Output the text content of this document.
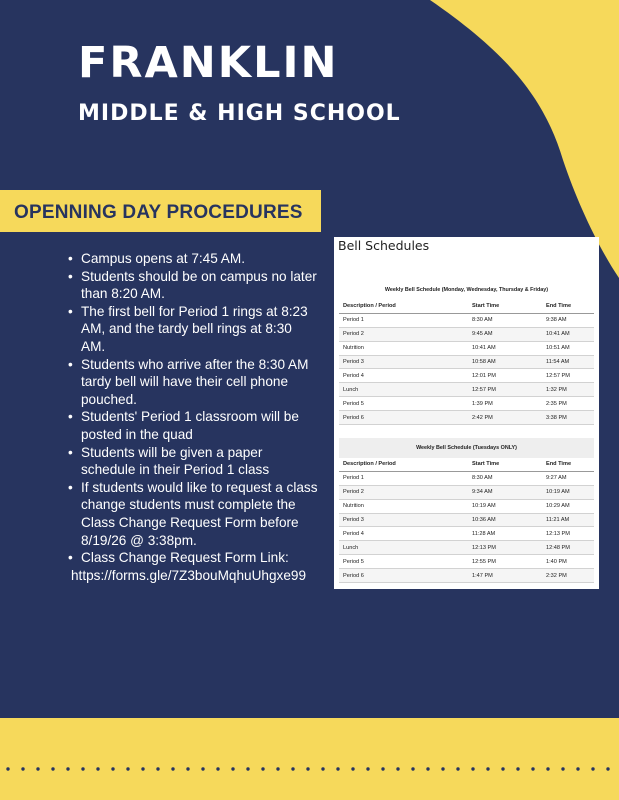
FRANKLIN
MIDDLE & HIGH SCHOOL
OPENNING DAY PROCEDURES
• Campus opens at 7:45 AM.
• Students should be on campus no later than 8:20 AM.
• The first bell for Period 1 rings at 8:23 AM, and the tardy bell rings at 8:30 AM.
• Students who arrive after the 8:30 AM tardy bell will have their cell phone pouched.
• Students' Period 1 classroom will be posted in the quad
• Students will be given a paper schedule in their Period 1 class
• If students would like to request a class change students must complete the Class Change Request Form before 8/19/26 @ 3:38pm.
• Class Change Request Form Link:
https://forms.gle/7Z3bouMqhuUhgxe99
Bell Schedules
Weekly Bell Schedule (Monday, Wednesday, Thursday & Friday)
Description / Period	Start Time	End Time
Period 1	8:30 AM	9:38 AM
Period 2	9:45 AM	10:41 AM
Nutrition	10:41 AM	10:51 AM
Period 3	10:58 AM	11:54 AM
Period 4	12:01 PM	12:57 PM
Lunch	12:57 PM	1:32 PM
Period 5	1:39 PM	2:35 PM
Period 6	2:42 PM	3:38 PM
Weekly Bell Schedule (Tuesdays ONLY)
Description / Period	Start Time	End Time
Period 1	8:30 AM	9:27 AM
Period 2	9:34 AM	10:19 AM
Nutrition	10:19 AM	10:29 AM
Period 3	10:36 AM	11:21 AM
Period 4	11:28 AM	12:13 PM
Lunch	12:13 PM	12:48 PM
Period 5	12:55 PM	1:40 PM
Period 6	1:47 PM	2:32 PM
